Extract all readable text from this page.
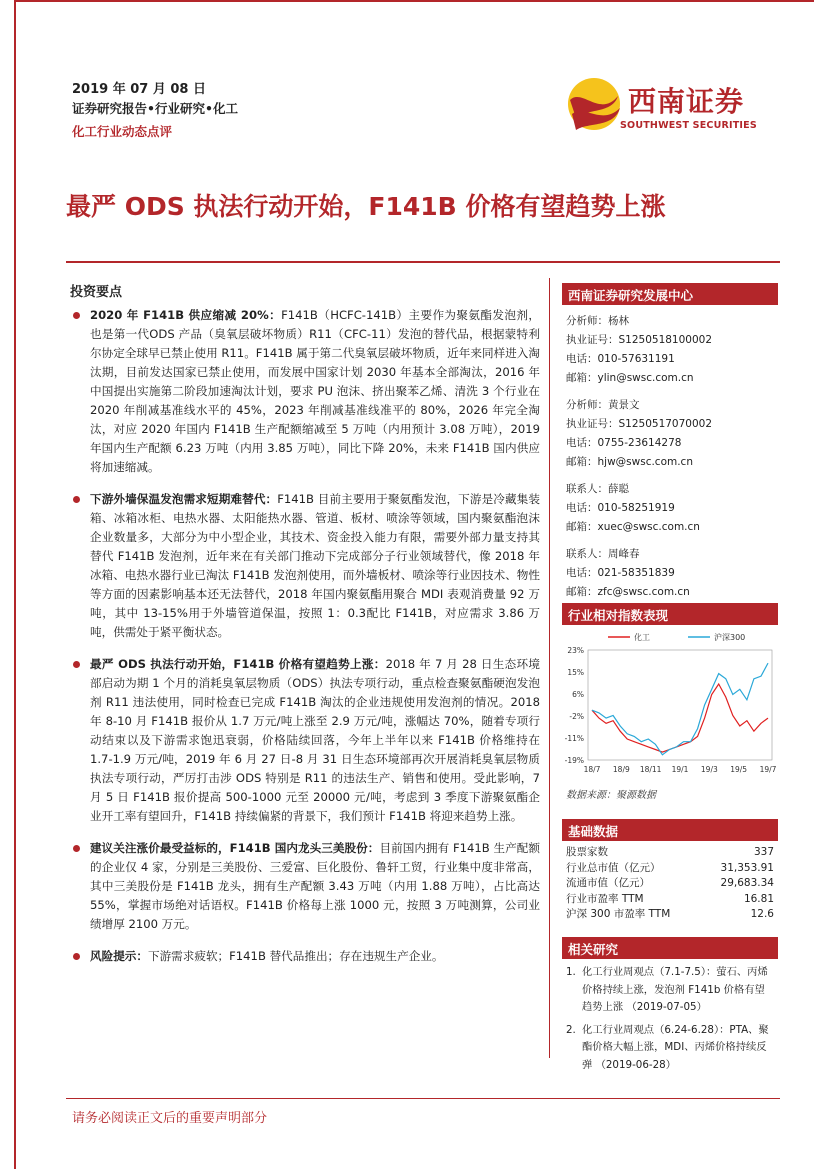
2019 年 07 月 08 日
证券研究报告•行业研究•化工
化工行业动态点评
西南证券
SOUTHWEST SECURITIES
最严 ODS 执法行动开始，F141B 价格有望趋势上涨
投资要点
2020 年 F141B 供应缩减 20%：F141B（HCFC-141B）主要作为聚氨酯发泡剂，也是第一代ODS 产品（臭氧层破坏物质）R11（CFC-11）发泡的替代品，根据蒙特利尔协定全球早已禁止使用 R11。F141B 属于第二代臭氧层破坏物质，近年来同样进入淘汰期，目前发达国家已禁止使用，而发展中国家计划 2030 年基本全部淘汰，2016 年中国提出实施第二阶段加速淘汰计划，要求 PU 泡沫、挤出聚苯乙烯、清洗 3 个行业在 2020 年削减基准线水平的 45%，2023 年削减基准线准平的 80%，2026 年完全淘汰，对应 2020 年国内 F141B 生产配额缩减至 5 万吨（内用预计 3.08 万吨），2019 年国内生产配额 6.23 万吨（内用 3.85 万吨），同比下降 20%，未来 F141B 国内供应将加速缩减。
下游外墙保温发泡需求短期难替代：F141B 目前主要用于聚氨酯发泡，下游是冷藏集装箱、冰箱冰柜、电热水器、太阳能热水器、管道、板材、喷涂等领域，国内聚氨酯泡沫企业数量多，大部分为中小型企业，其技术、资金投入能力有限，需要外部力量支持其替代 F141B 发泡剂，近年来在有关部门推动下完成部分子行业领域替代，像 2018 年冰箱、电热水器行业已淘汰 F141B 发泡剂使用，而外墙板材、喷涂等行业因技术、物性等方面的因素影响基本还无法替代，2018 年国内聚氨酯用聚合 MDI 表观消费量 92 万吨，其中 13-15%用于外墙管道保温，按照 1：0.3配比 F141B，对应需求 3.86 万吨，供需处于紧平衡状态。
最严 ODS 执法行动开始，F141B 价格有望趋势上涨：2018 年 7 月 28 日生态环境部启动为期 1 个月的消耗臭氧层物质（ODS）执法专项行动，重点检查聚氨酯硬泡发泡剂 R11 违法使用，同时检查已完成 F141B 淘汰的企业违规使用发泡剂的情况。2018 年 8-10 月 F141B 报价从 1.7 万元/吨上涨至 2.9 万元/吨，涨幅达 70%，随着专项行动结束以及下游需求饱迅衰弱，价格陆续回落，今年上半年以来 F141B 价格维持在 1.7-1.9 万元/吨，2019 年 6 月 27 日-8 月 31 日生态环境部再次开展消耗臭氧层物质执法专项行动，严厉打击涉 ODS 特别是 R11 的违法生产、销售和使用。受此影响，7 月 5 日 F141B 报价提高 500-1000 元至 20000 元/吨，考虑到 3 季度下游聚氨酯企业开工率有望回升，F141B 持续偏紧的背景下，我们预计 F141B 将迎来趋势上涨。
建议关注涨价最受益标的，F141B 国内龙头三美股份：目前国内拥有 F141B 生产配额的企业仅 4 家，分别是三美股份、三爱富、巨化股份、鲁轩工贸，行业集中度非常高，其中三美股份是 F141B 龙头，拥有生产配额 3.43 万吨（内用 1.88 万吨），占比高达 55%，掌握市场绝对话语权。F141B 价格每上涨 1000 元，按照 3 万吨测算，公司业绩增厚 2100 万元。
风险提示：下游需求疲软；F141B 替代品推出；存在违规生产企业。
西南证券研究发展中心
分析师：杨林
执业证号：S1250518100002
电话：010-57631191
邮箱：ylin@swsc.com.cn
分析师：黄景文
执业证号：S1250517070002
电话：0755-23614278
邮箱：hjw@swsc.com.cn
联系人：薛聪
电话：010-58251919
邮箱：xuec@swsc.com.cn
联系人：周峰春
电话：021-58351839
邮箱：zfc@swsc.com.cn
行业相对指数表现
23%
15%
6%
-2%
-11%
-19%
18/7 18/9 18/11 19/1 19/3 19/5 19/7
化工	沪深300
数据来源：聚源数据
基础数据
股票家数	337
行业总市值（亿元）	31,353.91
流通市值（亿元）	29,683.34
行业市盈率 TTM	16.81
沪深 300 市盈率 TTM	12.6
相关研究
1. 化工行业周观点（7.1-7.5）：萤石、丙烯价格持续上涨，发泡剂 F141b 价格有望趋势上涨 （2019-07-05）
2. 化工行业周观点（6.24-6.28）：PTA、聚酯价格大幅上涨，MDI、丙烯价格持续反弹 （2019-06-28）
请务必阅读正文后的重要声明部分
